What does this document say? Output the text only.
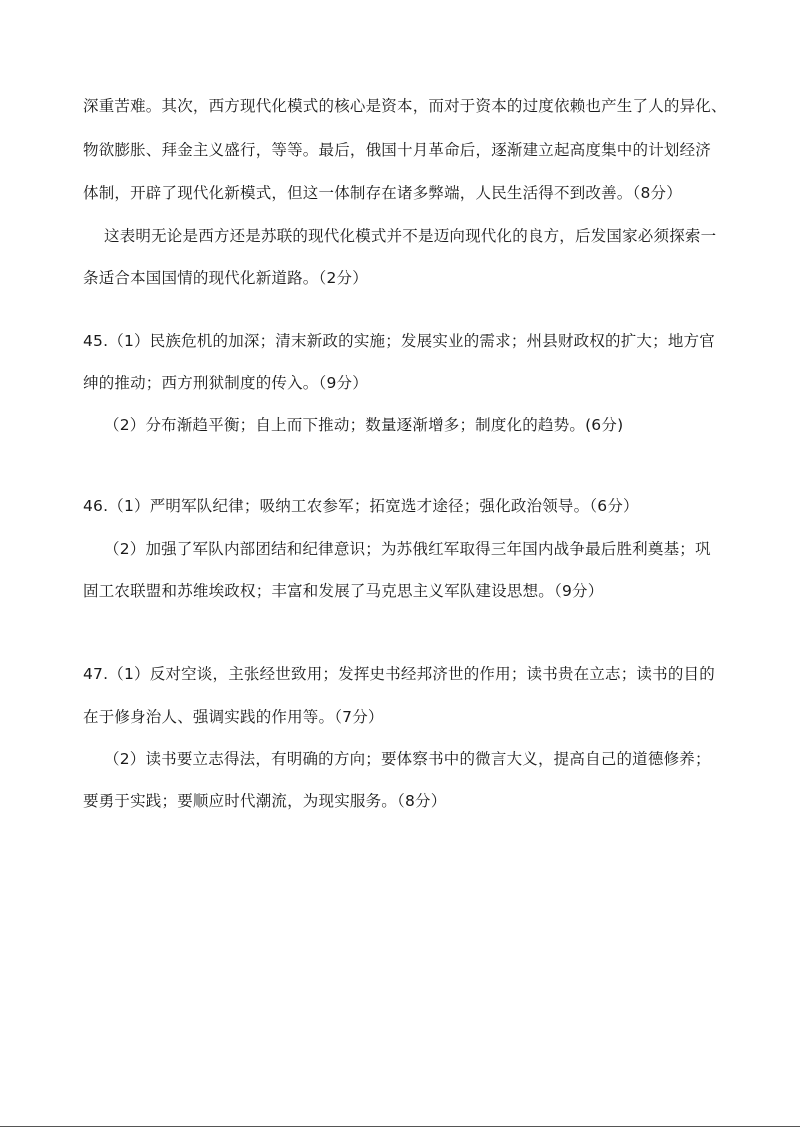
深重苦难。其次，西方现代化模式的核心是资本，而对于资本的过度依赖也产生了人的异化、
物欲膨胀、拜金主义盛行，等等。最后，俄国十月革命后，逐渐建立起高度集中的计划经济
体制，开辟了现代化新模式，但这一体制存在诸多弊端，人民生活得不到改善。（8分）
这表明无论是西方还是苏联的现代化模式并不是迈向现代化的良方，后发国家必须探索一
条适合本国国情的现代化新道路。（2分）
45.（1）民族危机的加深；清末新政的实施；发展实业的需求；州县财政权的扩大；地方官
绅的推动；西方刑狱制度的传入。（9分）
（2）分布渐趋平衡；自上而下推动；数量逐渐增多；制度化的趋势。(6分)
46.（1）严明军队纪律；吸纳工农参军；拓宽选才途径；强化政治领导。（6分）
（2）加强了军队内部团结和纪律意识；为苏俄红军取得三年国内战争最后胜利奠基；巩
固工农联盟和苏维埃政权；丰富和发展了马克思主义军队建设思想。（9分）
47.（1）反对空谈，主张经世致用；发挥史书经邦济世的作用；读书贵在立志；读书的目的
在于修身治人、强调实践的作用等。（7分）
（2）读书要立志得法，有明确的方向；要体察书中的微言大义，提高自己的道德修养；
要勇于实践；要顺应时代潮流，为现实服务。（8分）
